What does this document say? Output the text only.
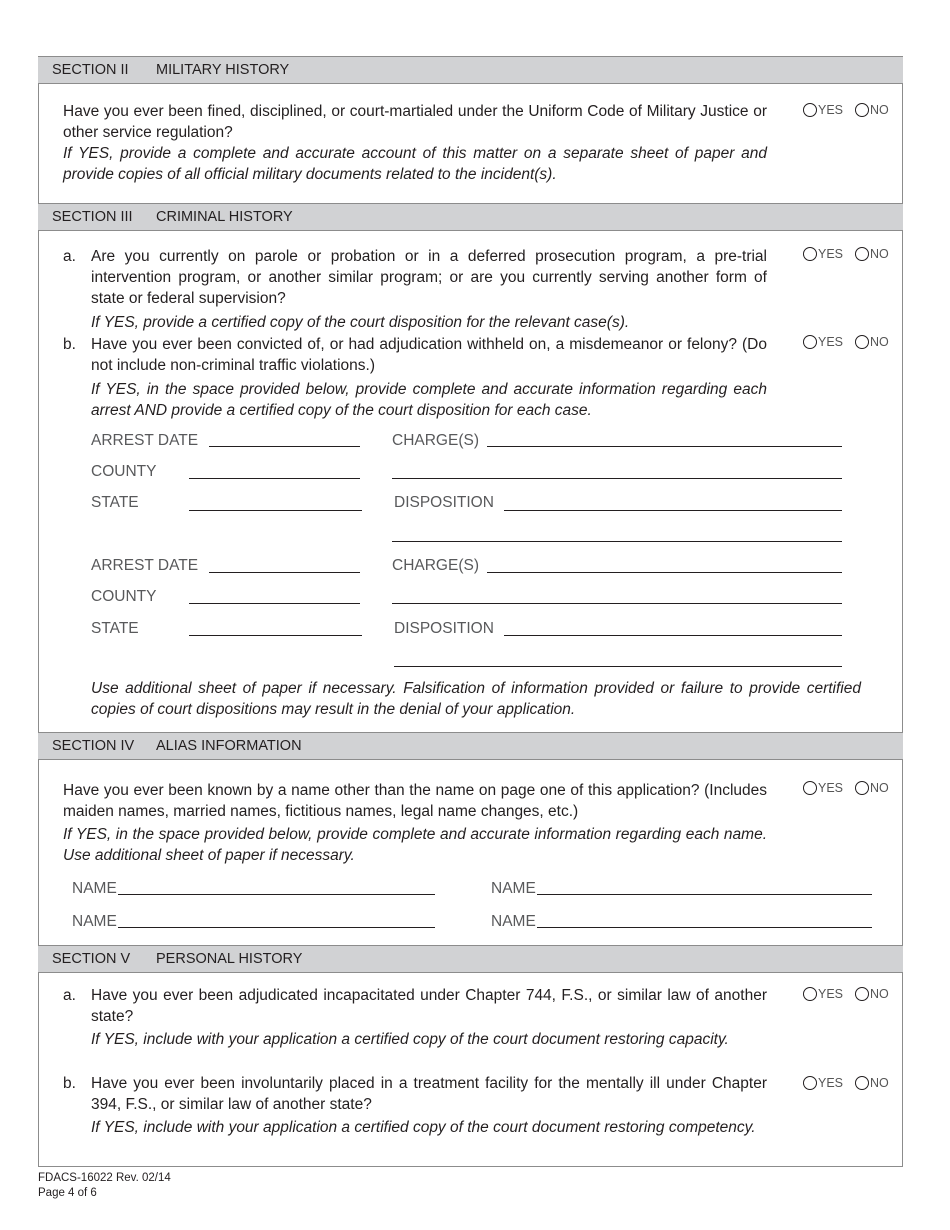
SECTION II MILITARY HISTORY
Have you ever been fined, disciplined, or court-martialed under the Uniform Code of Military Justice or other service regulation?
If YES, provide a complete and accurate account of this matter on a separate sheet of paper and provide copies of all official military documents related to the incident(s).
YES NO
SECTION III CRIMINAL HISTORY
a. Are you currently on parole or probation or in a deferred prosecution program, a pre-trial intervention program, or another similar program; or are you currently serving another form of state or federal supervision?
If YES, provide a certified copy of the court disposition for the relevant case(s).
YES NO
b. Have you ever been convicted of, or had adjudication withheld on, a misdemeanor or felony? (Do not include non-criminal traffic violations.)
If YES, in the space provided below, provide complete and accurate information regarding each arrest AND provide a certified copy of the court disposition for each case.
YES NO
ARREST DATE	CHARGE(S)
COUNTY
STATE	DISPOSITION
ARREST DATE	CHARGE(S)
COUNTY
STATE	DISPOSITION
Use additional sheet of paper if necessary. Falsification of information provided or failure to provide certified copies of court dispositions may result in the denial of your application.
SECTION IV ALIAS INFORMATION
Have you ever been known by a name other than the name on page one of this application? (Includes maiden names, married names, fictitious names, legal name changes, etc.)
If YES, in the space provided below, provide complete and accurate information regarding each name. Use additional sheet of paper if necessary.
YES NO
NAME	NAME
NAME	NAME
SECTION V PERSONAL HISTORY
a. Have you ever been adjudicated incapacitated under Chapter 744, F.S., or similar law of another state?
If YES, include with your application a certified copy of the court document restoring capacity.
YES NO
b. Have you ever been involuntarily placed in a treatment facility for the mentally ill under Chapter 394, F.S., or similar law of another state?
If YES, include with your application a certified copy of the court document restoring competency.
YES NO
FDACS-16022 Rev. 02/14
Page 4 of 6
